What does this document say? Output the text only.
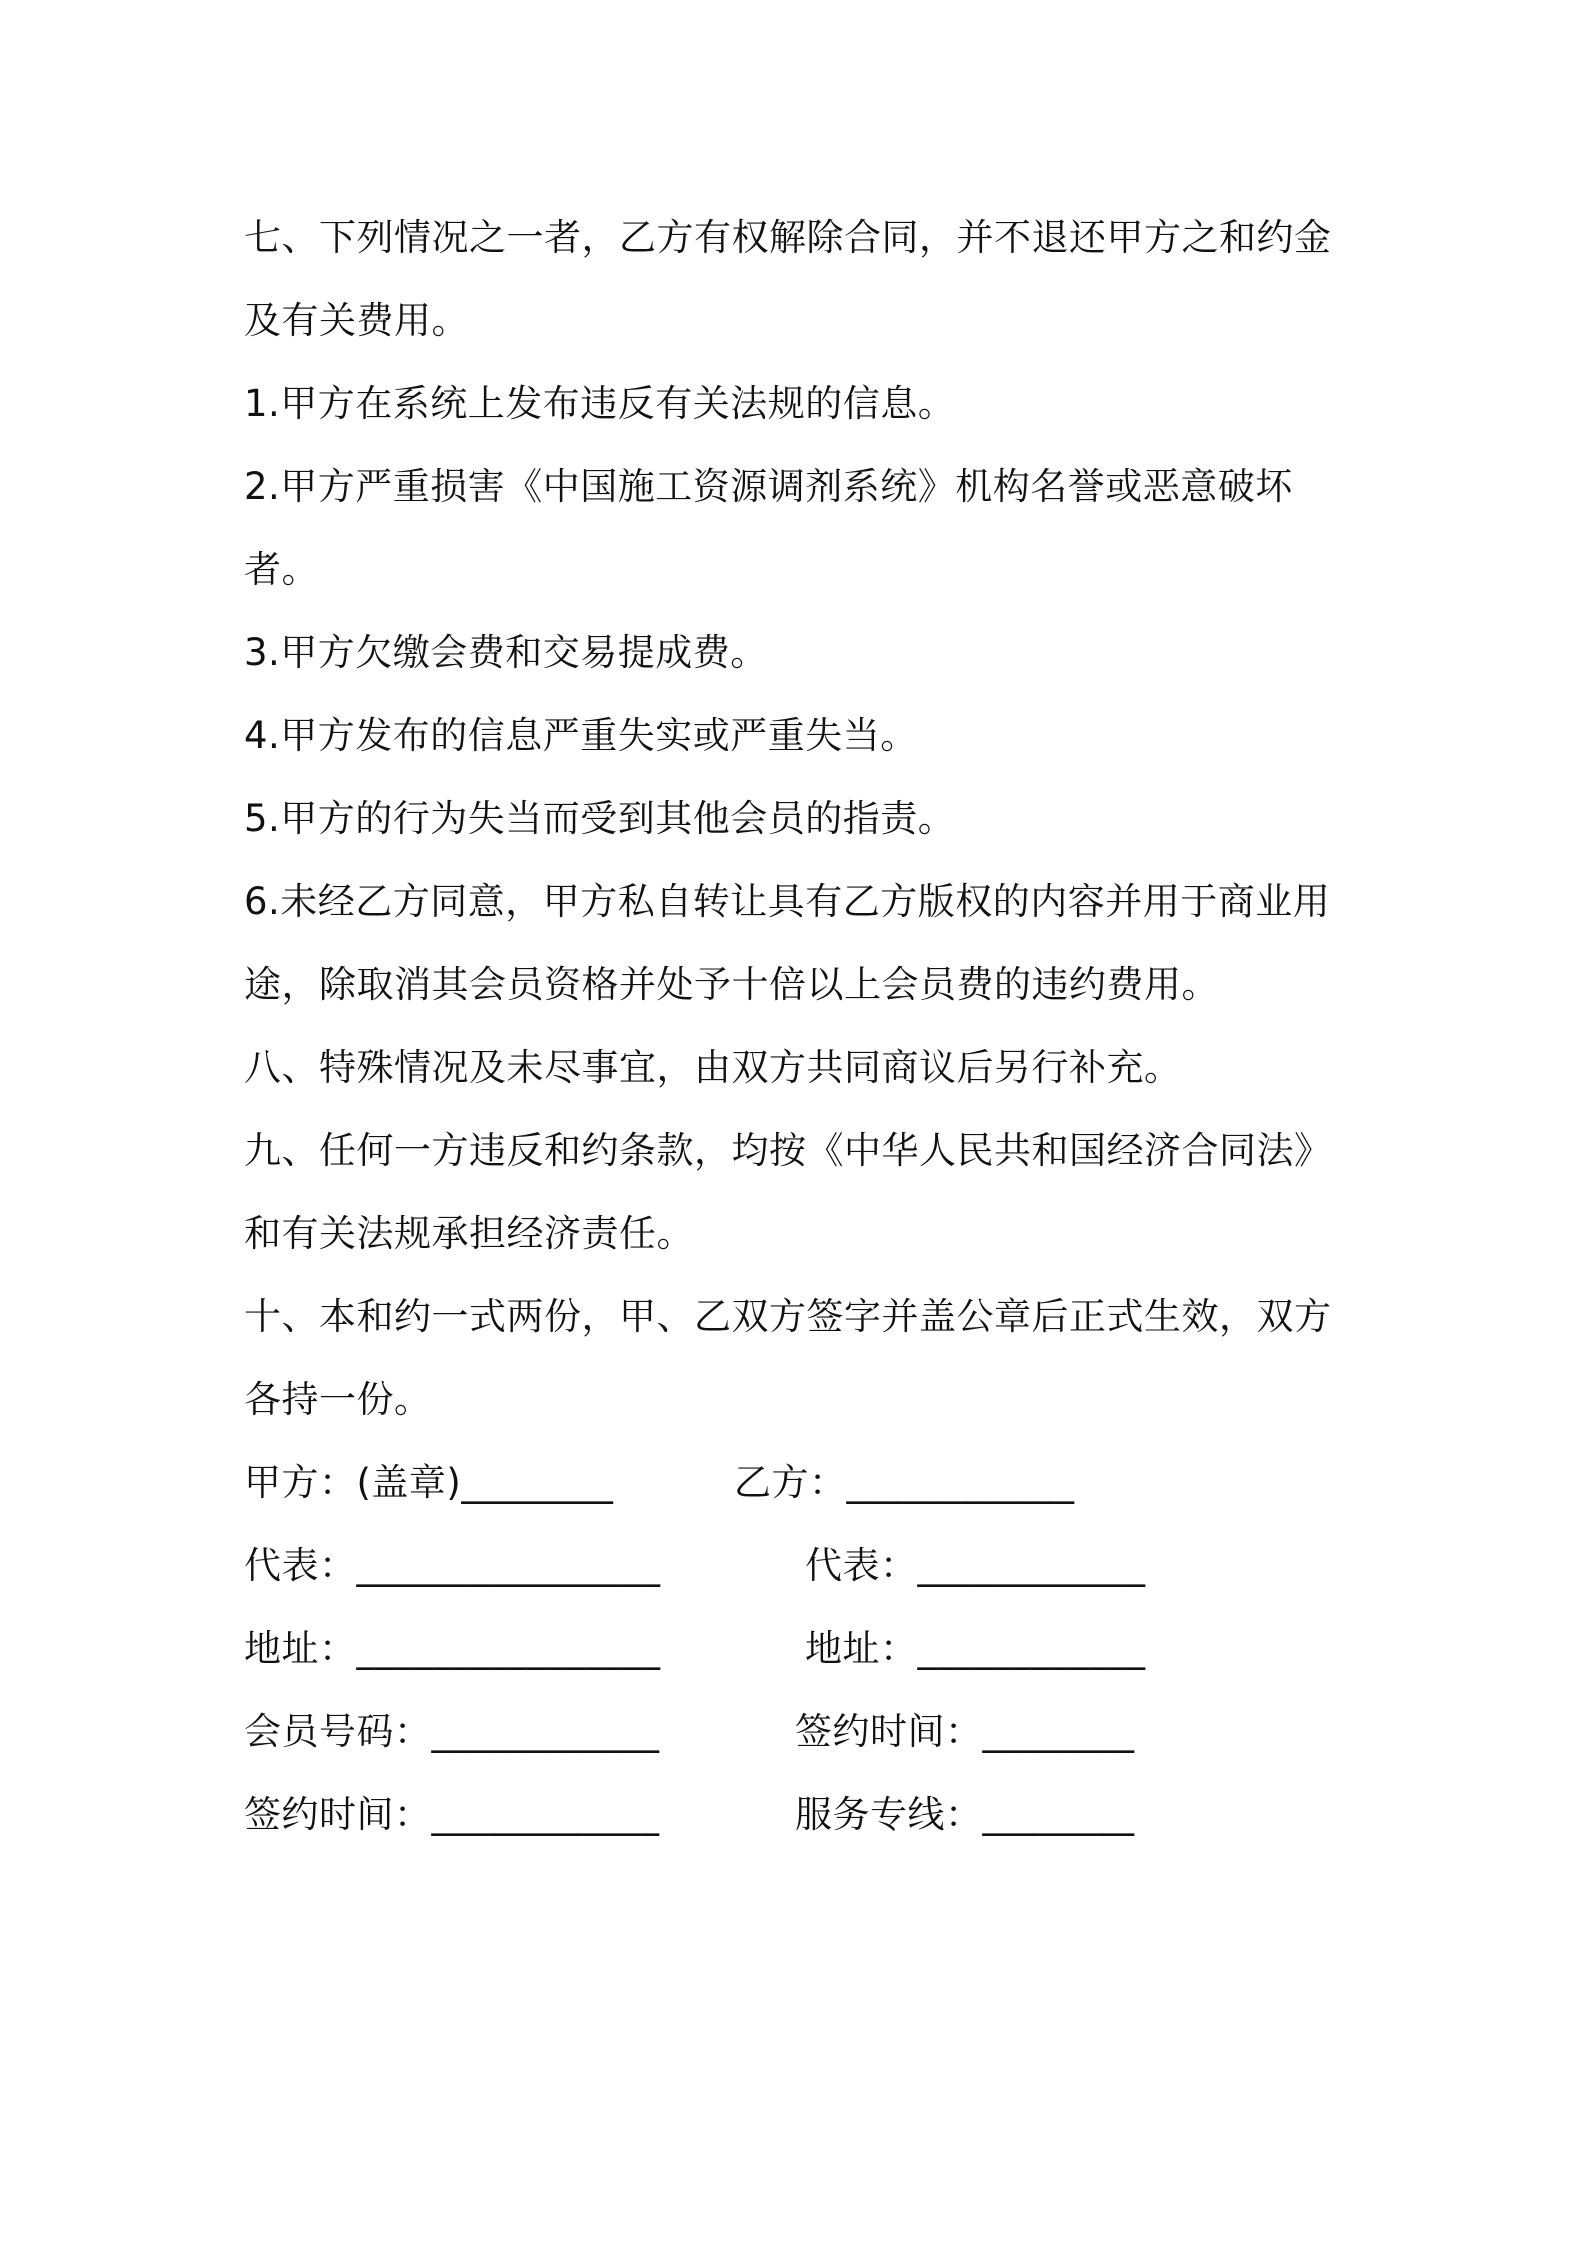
七、下列情况之一者，乙方有权解除合同，并不退还甲方之和约金及有关费用。

1.甲方在系统上发布违反有关法规的信息。

2.甲方严重损害《中国施工资源调剂系统》机构名誉或恶意破坏者。

3.甲方欠缴会费和交易提成费。

4.甲方发布的信息严重失实或严重失当。

5.甲方的行为失当而受到其他会员的指责。

6.未经乙方同意，甲方私自转让具有乙方版权的内容并用于商业用途，除取消其会员资格并处予十倍以上会员费的违约费用。

八、特殊情况及未尽事宜，由双方共同商议后另行补充。

九、任何一方违反和约条款，均按《中华人民共和国经济合同法》和有关法规承担经济责任。

十、本和约一式两份，甲、乙双方签字并盖公章后正式生效，双方各持一份。

甲方：(盖章)________	乙方：____________
代表：________________	代表：____________
地址：________________	地址：____________
会员号码：____________	签约时间：________
签约时间：____________	服务专线：________
